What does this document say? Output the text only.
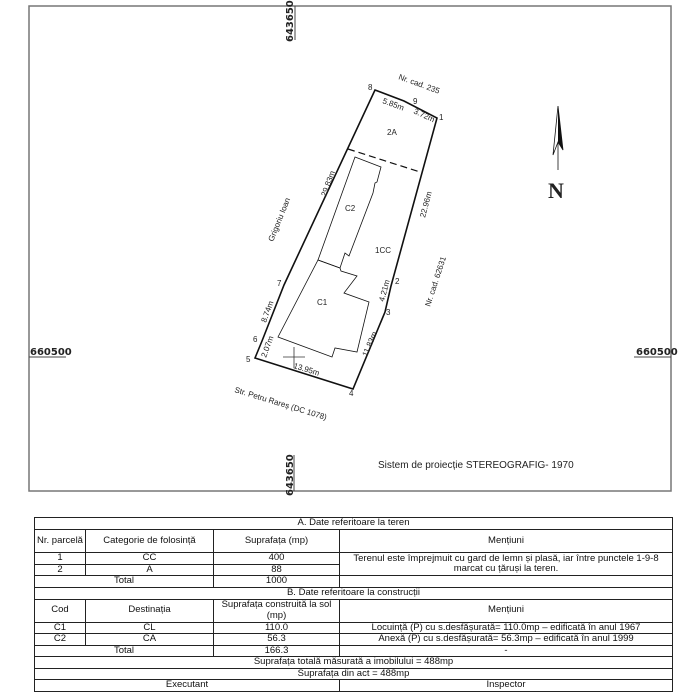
643650
643650
660500	660500
N
8
9
1
2
3
4
5
6
7
5.85m
3.72m
22.96m
4.21m
11.83m
13.95m
2.07m
8.74m
29.83m
2A
1CC
C2
C1
Nr. cad. 235
Nr. cad. 62631
Grigoriu Ioan
Str. Petru Rareș (DC 1078)
Sistem de proiecție STEREOGRAFIG- 1970
A. Date referitoare la teren			
Nr. parcelă	Categorie de folosință	Suprafața (mp)	Mențiuni
1	CC	400	Terenul este împrejmuit cu gard de lemn și plasă, iar între punctele 1-9-8 marcat cu țăruși la teren.
2	A	88	
Total		1000	
B. Date referitoare la construcții			
Cod	Destinația	Suprafața construită la sol (mp)	Mențiuni
C1	CL	110.0	Locuință (P) cu s.desfășurată= 110.0mp – edificată în anul 1967
C2	CA	56.3	Anexă (P) cu s.desfășurată= 56.3mp – edificată în anul 1999
Total		166.3	-
Suprafața totală măsurată a imobilului = 488mp			
Suprafața din act = 488mp			
Executant			Inspector
